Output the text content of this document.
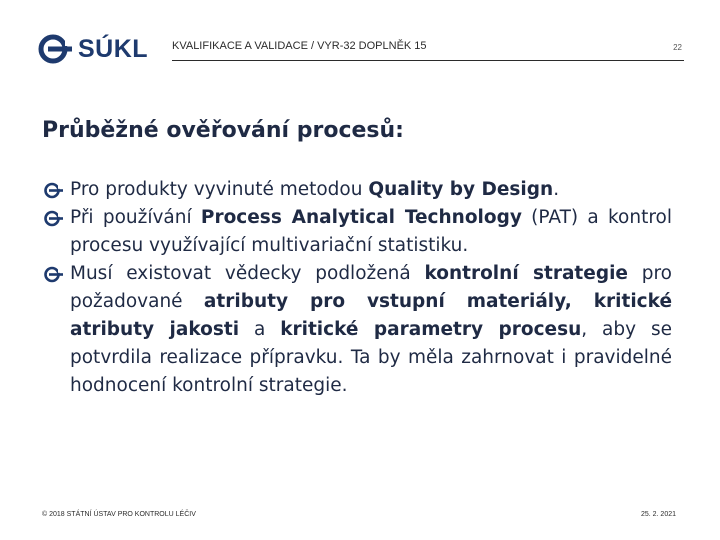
SÚKL KVALIFIKACE A VALIDACE / VYR-32 DOPLNĚK 15	22
Průběžné ověřování procesů:
Pro produkty vyvinuté metodou Quality by Design.
Při používání Process Analytical Technology (PAT) a kontrol procesu využívající multivariační statistiku.
Musí existovat vědecky podložená kontrolní strategie pro požadované atributy pro vstupní materiály, kritické atributy jakosti a kritické parametry procesu, aby se potvrdila realizace přípravku. Ta by měla zahrnovat i pravidelné hodnocení kontrolní strategie.
© 2018 STÁTNÍ ÚSTAV PRO KONTROLU LÉČIV	25. 2. 2021
